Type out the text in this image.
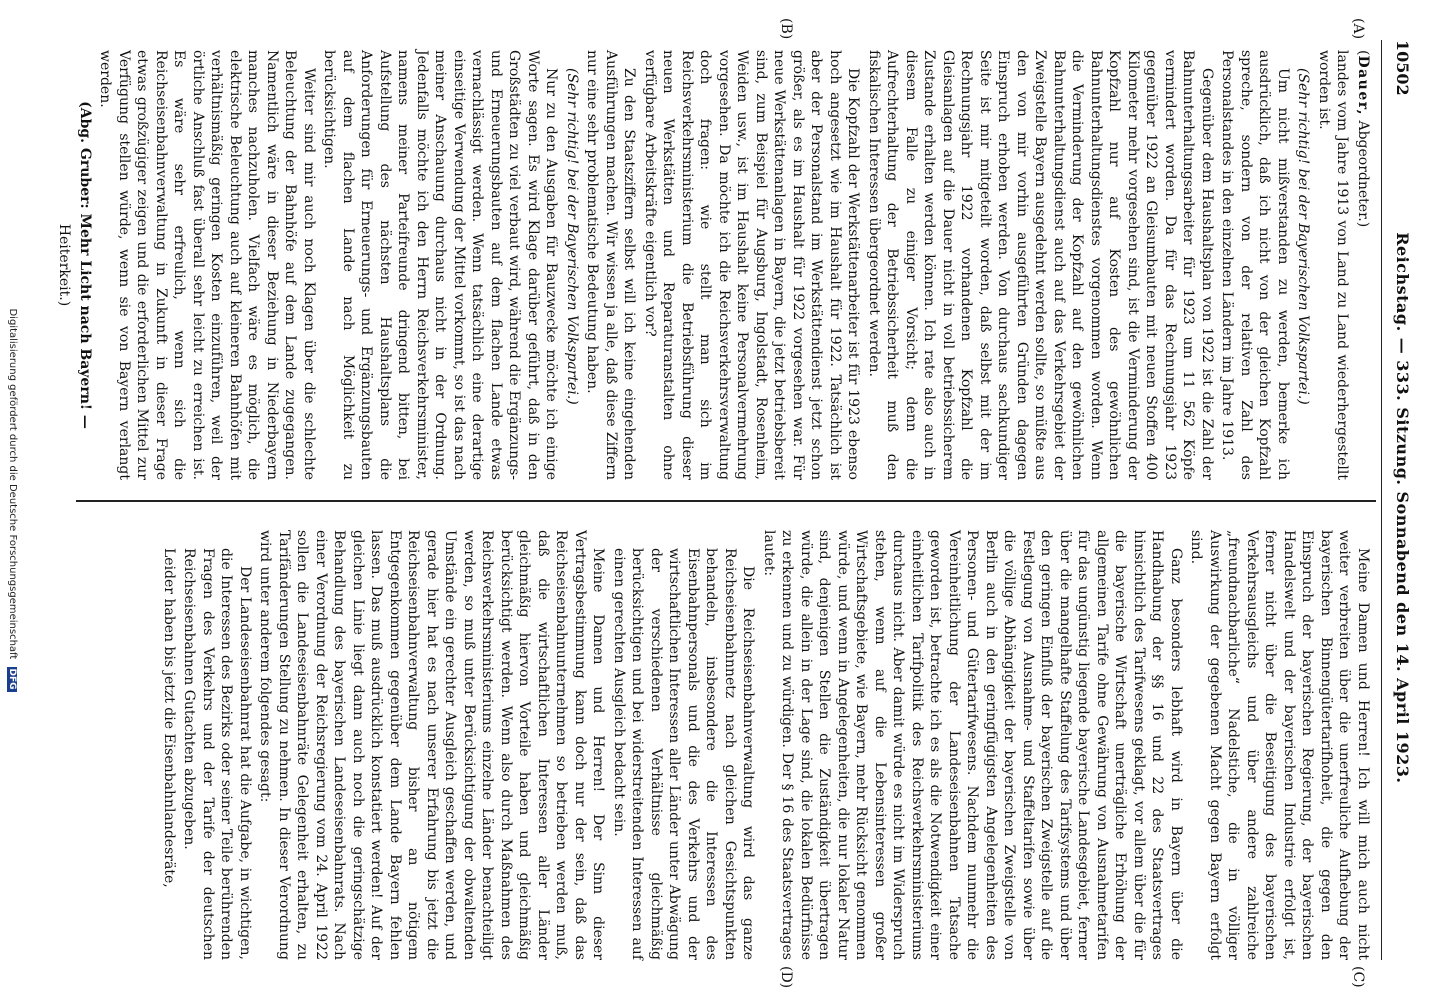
10502
Reichstag. — 333. Sitzung. Sonnabend den 14. April 1923.
(A)
(B)
(C)
(D)

(Dauer, Abgeordneter.)

landes vom Jahre 1913 von Land zu Land wiederhergestellt worden ist.

(Sehr richtig! bei der Bayerischen Volkspartei.)

Um nicht mißverstanden zu werden, bemerke ich ausdrücklich, daß ich nicht von der gleichen Kopfzahl spreche, sondern von der relativen Zahl des Personalstandes in den einzelnen Ländern im Jahre 1913.

Gegenüber dem Haushaltsplan von 1922 ist die Zahl der Bahnunterhaltungsarbeiter für 1923 um 11 562 Köpfe vermindert worden. Da für das Rechnungsjahr 1923 gegenüber 1922 an Gleisumbauten mit neuen Stoffen 400 Kilometer mehr vorgesehen sind, ist die Verminderung der Kopfzahl nur auf Kosten des gewöhnlichen Bahnunterhaltungsdienstes vorgenommen worden. Wenn die Verminderung der Kopfzahl auf den gewöhnlichen Bahnunterhaltungsdienst auch auf das Verkehrsgebiet der Zweigstelle Bayern ausgedehnt werden sollte, so müßte aus den von mir vorhin ausgeführten Gründen dagegen Einspruch erhoben werden. Von durchaus sachkundiger Seite ist mir mitgeteilt worden, daß selbst mit der im Rechnungsjahr 1922 vorhandenen Kopfzahl die Gleisanlagen auf die Dauer nicht in voll betriebssicherem Zustande erhalten werden können. Ich rate also auch in diesem Falle zu einiger Vorsicht; denn die Aufrechterhaltung der Betriebssicherheit muß den fiskalischen Interessen übergeordnet werden.

Die Kopfzahl der Werkstättenarbeiter ist für 1923 ebenso hoch angesetzt wie im Haushalt für 1922. Tatsächlich ist aber der Personalstand im Werkstättendienst jetzt schon größer, als es im Haushalt für 1922 vorgesehen war. Für neue Werkstättenanlagen in Bayern, die jetzt betriebsbereit sind, zum Beispiel für Augsburg, Ingolstadt, Rosenheim, Weiden usw., ist im Haushalt keine Personalvermehrung vorgesehen. Da möchte ich die Reichsverkehrsverwaltung doch fragen: wie stellt man sich im Reichsverkehrsministerium die Betriebsführung dieser neuen Werkstätten und Reparaturanstalten ohne verfügbare Arbeitskräfte eigentlich vor?

Zu den Staatsziffern selbst will ich keine eingehenden Ausführungen machen. Wir wissen ja alle, daß diese Ziffern nur eine sehr problematische Bedeutung haben.

(Sehr richtig! bei der Bayerischen Volkspartei.)

Nur zu den Ausgaben für Bauzwecke möchte ich einige Worte sagen. Es wird Klage darüber geführt, daß in den Großstädten zu viel verbaut wird, während die Ergänzungs- und Erneuerungsbauten auf dem flachen Lande etwas vernachlässigt werden. Wenn tatsächlich eine derartige einseitige Verwendung der Mittel vorkommt, so ist das nach meiner Anschauung durchaus nicht in der Ordnung. Jedenfalls möchte ich den Herrn Reichsverkehrsminister, namens meiner Parteifreunde dringend bitten, bei Aufstellung des nächsten Haushaltsplans die Anforderungen für Erneuerungs- und Ergänzungsbauten auf dem flachen Lande nach Möglichkeit zu berücksichtigen.

Weiter sind mir auch noch Klagen über die schlechte Beleuchtung der Bahnhöfe auf dem Lande zugegangen. Namentlich wäre in dieser Beziehung in Niederbayern manches nachzuholen. Vielfach wäre es möglich, die elektrische Beleuchtung auch auf kleineren Bahnhöfen mit verhältnismäßig geringen Kosten einzuführen, weil der örtliche Anschluß fast überall sehr leicht zu erreichen ist. Es wäre sehr erfreulich, wenn sich die Reichseisenbahnverwaltung in Zukunft in dieser Frage etwas großzügiger zeigen und die erforderlichen Mittel zur Verfügung stellen würde, wenn sie von Bayern verlangt werden.

(Abg. Gruber: Mehr Licht nach Bayern! —

Heiterkeit.)

Meine Damen und Herren! Ich will mich auch nicht weiter verbreiten über die unerfreuliche Aufhebung der bayerischen Binnengütertarifhoheit, die gegen den Einspruch der bayerischen Regierung, der bayerischen Handelswelt und der bayerischen Industrie erfolgt ist, ferner nicht über die Beseitigung des bayerischen Verkehrsausgleichs und über andere zahlreiche „freundnachbarliche“ Nadelstiche, die in völliger Auswirkung der gegebenen Macht gegen Bayern erfolgt sind.

Ganz besonders lebhaft wird in Bayern über die Handhabung der §§ 16 und 22 des Staatsvertrages hinsichtlich des Tarifwesens geklagt, vor allem über die für die bayerische Wirtschaft unerträgliche Erhöhung der allgemeinen Tarife ohne Gewährung von Ausnahmetarifen für das ungünstig liegende bayerische Landesgebiet, ferner über die mangelhafte Staffelung des Tarifsystems und über den geringen Einfluß der bayerischen Zweigstelle auf die Festlegung von Ausnahme- und Staffeltarifen sowie über die völlige Abhängigkeit der bayerischen Zweigstelle von Berlin auch in den geringfügigsten Angelegenheiten des Personen- und Gütertarifwesens. Nachdem nunmehr die Vereinheitlichung der Landeseisenbahnen Tatsache geworden ist, betrachte ich es als die Notwendigkeit einer einheitlichen Tarifpolitik des Reichsverkehrsministeriums durchaus nicht. Aber damit würde es nicht im Widerspruch stehen, wenn auf die Lebensinteressen großer Wirtschaftsgebiete, wie Bayern, mehr Rücksicht genommen würde, und wenn in Angelegenheiten, die nur lokaler Natur sind, denjenigen Stellen die Zuständigkeit übertragen würde, die allein in der Lage sind, die lokalen Bedürfnisse zu erkennen und zu würdigen. Der § 16 des Staatsvertrages lautet:

Die Reichseisenbahnverwaltung wird das ganze Reichseisenbahnnetz nach gleichen Gesichtspunkten behandeln, insbesondere die Interessen des Eisenbahnpersonals und die des Verkehrs und der wirtschaftlichen Interessen aller Länder unter Abwägung der verschiedenen Verhältnisse gleichmäßig berücksichtigen und bei widerstreitenden Interessen auf einen gerechten Ausgleich bedacht sein.

Meine Damen und Herren! Der Sinn dieser Vertragsbestimmung kann doch nur der sein, daß das Reichseisenbahnunternehmen so betrieben werden muß, daß die wirtschaftlichen Interessen aller Länder gleichmäßig hiervon Vorteile haben und gleichmäßig berücksichtigt werden. Wenn also durch Maßnahmen des Reichsverkehrsministeriums einzelne Länder benachteiligt werden, so muß unter Berücksichtigung der obwaltenden Umstände ein gerechter Ausgleich geschaffen werden, und gerade hier hat es nach unserer Erfahrung bis jetzt die Reichseisenbahnverwaltung bisher an nötigem Entgegenkommen gegenüber dem Lande Bayern fehlen lassen. Das muß ausdrücklich konstatiert werden! Auf der gleichen Linie liegt dann auch noch die geringschätzige Behandlung des bayerischen Landeseisenbahnrats. Nach einer Verordnung der Reichsregierung vom 24. April 1922 sollen die Landeseisenbahnräte Gelegenheit erhalten, zu Tarifänderungen Stellung zu nehmen. In dieser Verordnung wird unter anderem folgendes gesagt:

Der Landeseisenbahnrat hat die Aufgabe, in wichtigen, die Interessen des Bezirks oder seiner Teile berührenden Fragen des Verkehrs und der Tarife der deutschen Reichseisenbahnen Gutachten abzugeben.

Leider haben bis jetzt die Eisenbahnlandesräte,

Digitalisierung gefördert durch die Deutsche Forschungsgemeinschaft DFG
